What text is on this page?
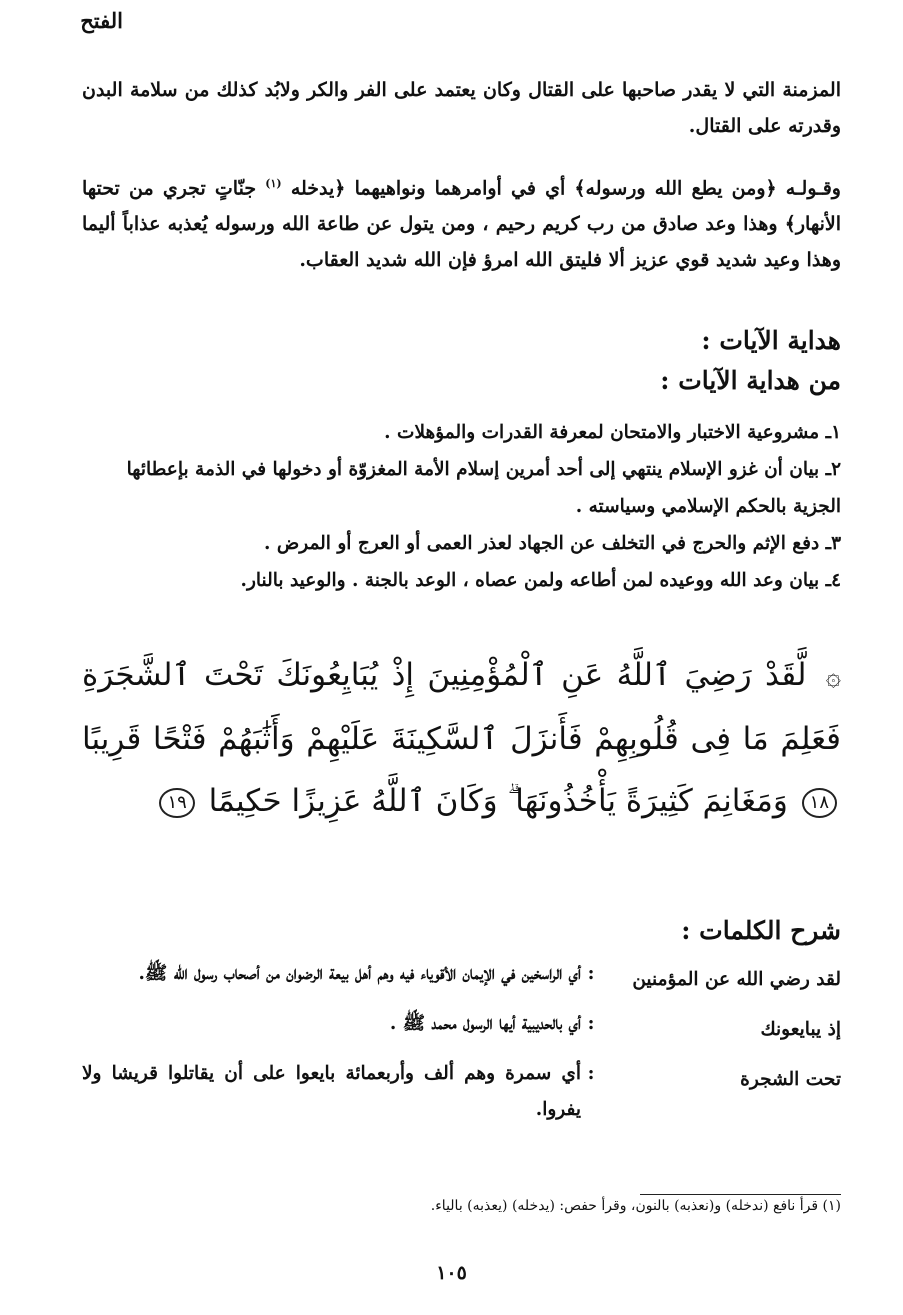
الفتح
المزمنة التي لا يقدر صاحبها على القتال وكان يعتمد على الفر والكر ولابُد كذلك من سلامة البدن وقدرته على القتال.
وقـولـه ﴿ومن يطع الله ورسوله﴾ أي في أوامرهما ونواهيهما ﴿يدخله $^{(١)}$ جنّاتٍ تجري من تحتها الأنهار﴾ وهذا وعد صادق من رب كريم رحيم ، ومن يتول عن طاعة الله ورسوله يُعذبه عذاباً أليما وهذا وعيد شديد قوي عزيز ألا فليتق الله امرؤ فإن الله شديد العقاب.
هداية الآيات :
من هداية الآيات :

١ـ مشروعية الاختبار والامتحان لمعرفة القدرات والمؤهلات .

٢ـ بيان أن غزو الإسلام ينتهي إلى أحد أمرين إسلام الأمة المغزوّة أو دخولها في الذمة بإعطائها الجزية بالحكم الإسلامي وسياسته .

٣ـ دفع الإثم والحرج في التخلف عن الجهاد لعذر العمى أو العرج أو المرض .

٤ـ بيان وعد الله ووعيده لمن أطاعه ولمن عصاه ، الوعد بالجنة . والوعيد بالنار.

۞ لَّقَدْ رَضِيَ ٱللَّهُ عَنِ ٱلْمُؤْمِنِينَ إِذْ يُبَايِعُونَكَ تَحْتَ ٱلشَّجَرَةِ فَعَلِمَ مَا فِى قُلُوبِهِمْ فَأَنزَلَ ٱلسَّكِينَةَ عَلَيْهِمْ وَأَثَٰبَهُمْ فَتْحًا قَرِيبًا ١٨ وَمَغَانِمَ كَثِيرَةً يَأْخُذُونَهَا ۗ وَكَانَ ٱللَّهُ عَزِيزًا حَكِيمًا ١٩
شرح الكلمات :
لقد رضي الله عن المؤمنين
:
أي الراسخين في الإيمان الأقوياء فيه وهم أهل بيعة الرضوان من أصحاب رسول الله ﷺ.
إذ يبايعونك
:
أي بالحديبية أيها الرسول محمد ﷺ .
تحت الشجرة
:
أي سمرة وهم ألف وأربعمائة بايعوا على أن يقاتلوا قريشا ولا يفروا.
(١) قرأ نافع (ندخله) و(نعذبه) بالنون، وقرأ حفص: (يدخله) (يعذبه) بالياء.
١٠٥
